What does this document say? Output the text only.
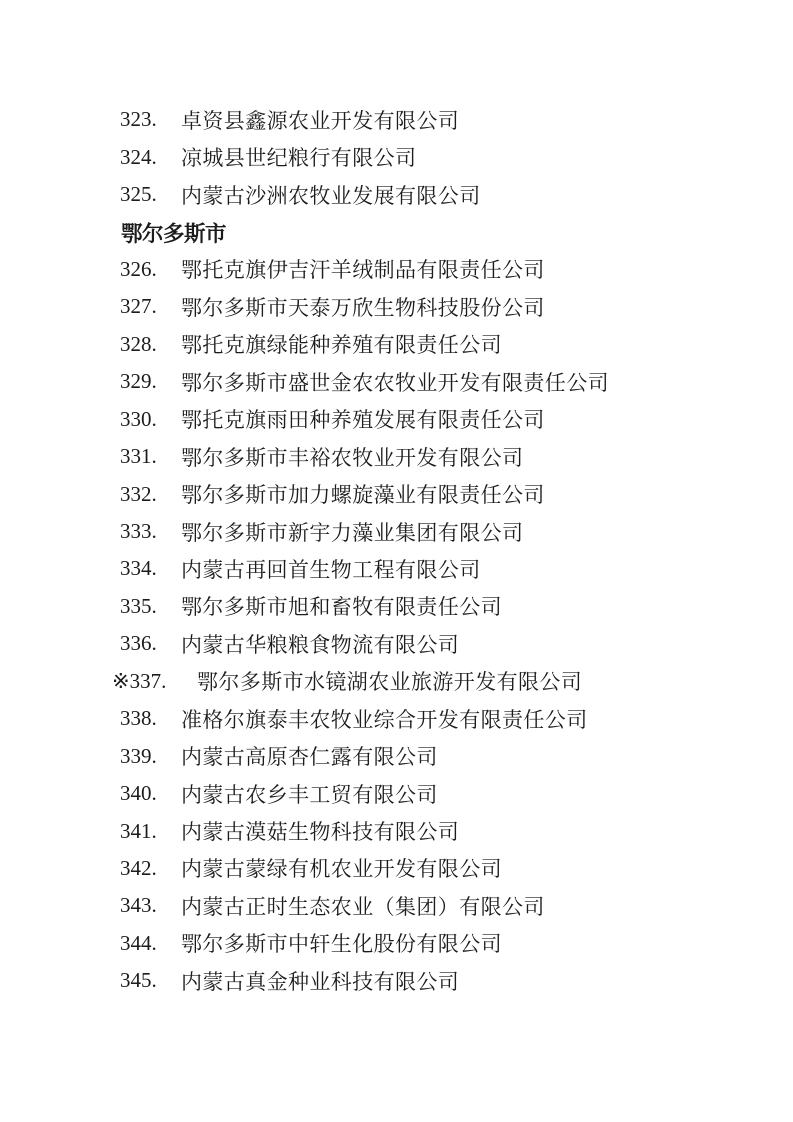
323.	卓资县鑫源农业开发有限公司
324.	凉城县世纪粮行有限公司
325.	内蒙古沙洲农牧业发展有限公司
鄂尔多斯市
326.	鄂托克旗伊吉汗羊绒制品有限责任公司
327.	鄂尔多斯市天泰万欣生物科技股份公司
328.	鄂托克旗绿能种养殖有限责任公司
329.	鄂尔多斯市盛世金农农牧业开发有限责任公司
330.	鄂托克旗雨田种养殖发展有限责任公司
331.	鄂尔多斯市丰裕农牧业开发有限公司
332.	鄂尔多斯市加力螺旋藻业有限责任公司
333.	鄂尔多斯市新宇力藻业集团有限公司
334.	内蒙古再回首生物工程有限公司
335.	鄂尔多斯市旭和畜牧有限责任公司
336.	内蒙古华粮粮食物流有限公司
※337.	鄂尔多斯市水镜湖农业旅游开发有限公司
338.	准格尔旗泰丰农牧业综合开发有限责任公司
339.	内蒙古高原杏仁露有限公司
340.	内蒙古农乡丰工贸有限公司
341.	内蒙古漠菇生物科技有限公司
342.	内蒙古蒙绿有机农业开发有限公司
343.	内蒙古正时生态农业（集团）有限公司
344.	鄂尔多斯市中轩生化股份有限公司
345.	内蒙古真金种业科技有限公司
